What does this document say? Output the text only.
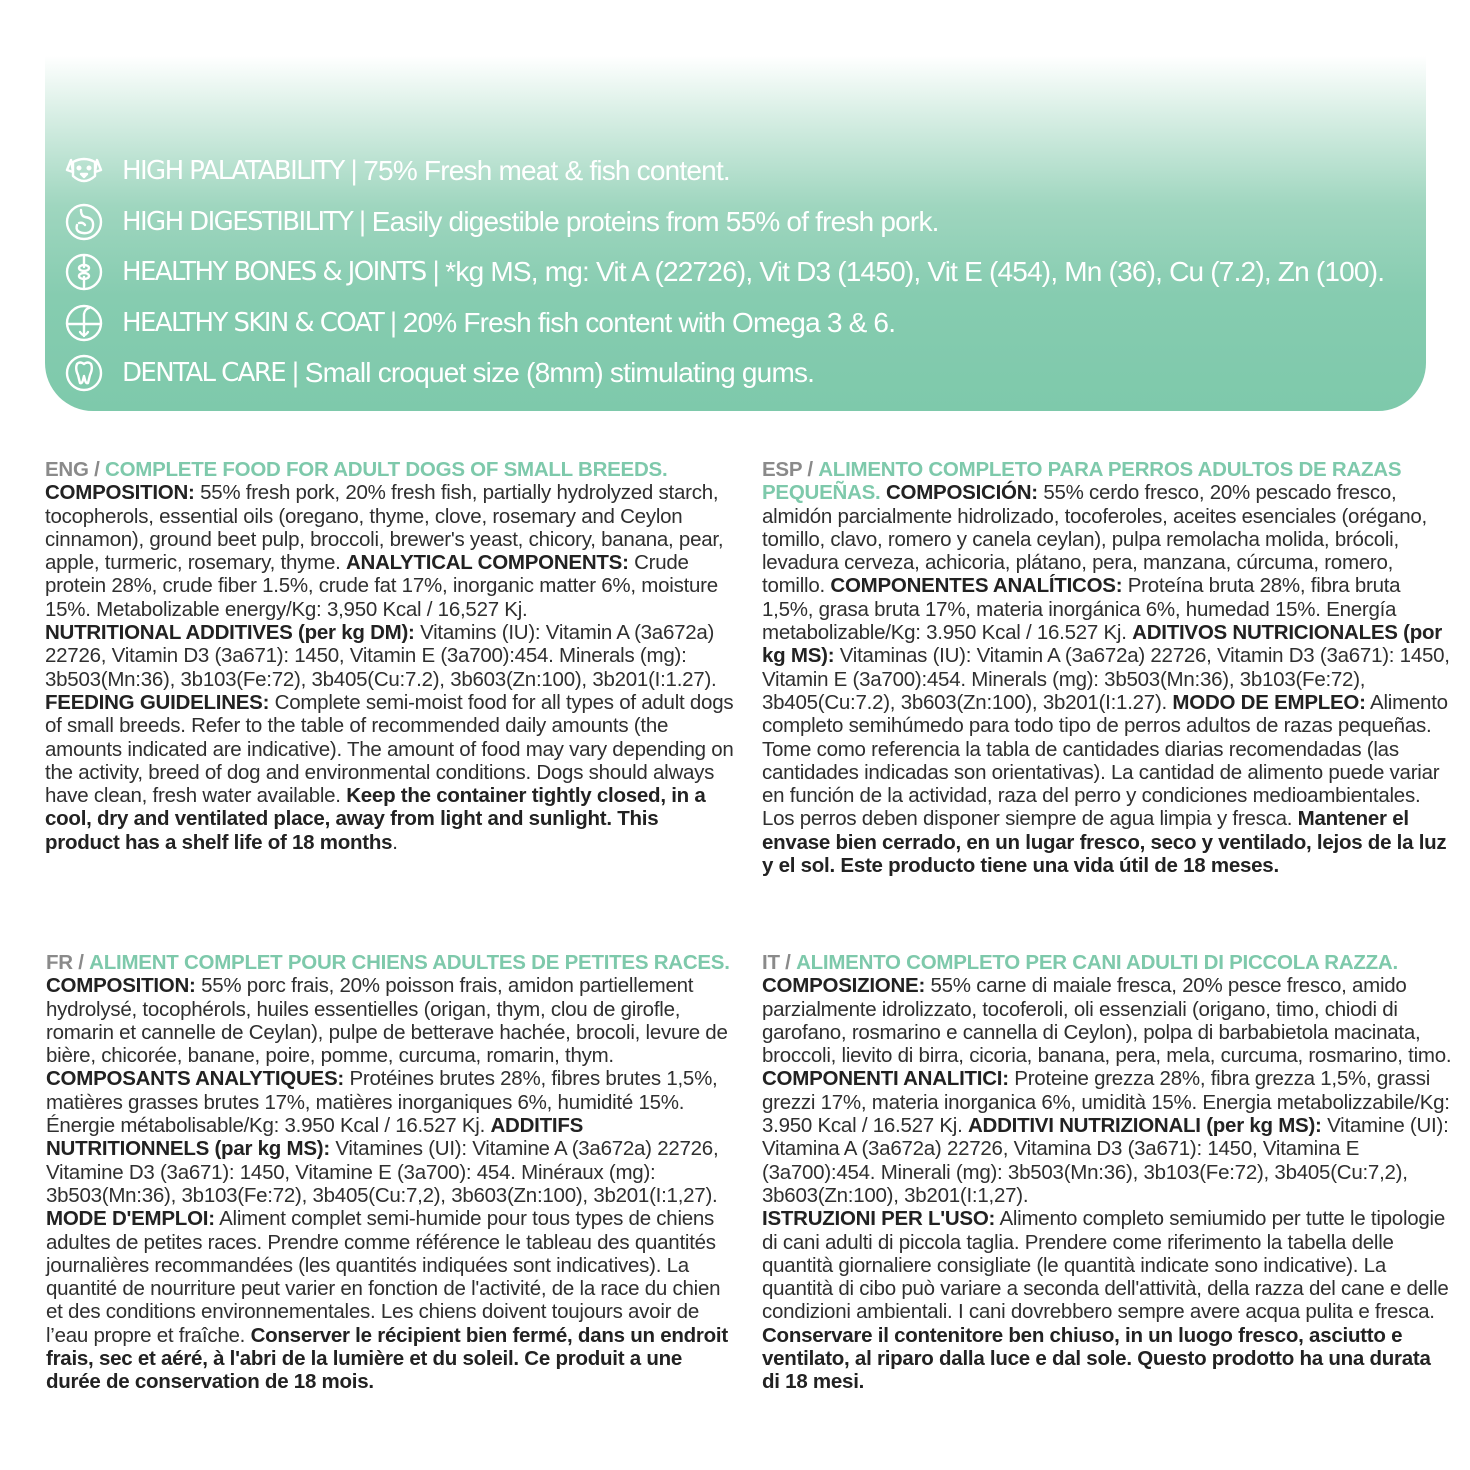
HIGH PALATABILITY | 75% Fresh meat & fish content.
HIGH DIGESTIBILITY | Easily digestible proteins from 55% of fresh pork.
HEALTHY BONES & JOINTS | *kg MS, mg: Vit A (22726), Vit D3 (1450), Vit E (454), Mn (36), Cu (7.2), Zn (100).
HEALTHY SKIN & COAT | 20% Fresh fish content with Omega 3 & 6.
DENTAL CARE | Small croquet size (8mm) stimulating gums.

ENG / COMPLETE FOOD FOR ADULT DOGS OF SMALL BREEDS. COMPOSITION: 55% fresh pork, 20% fresh fish, partially hydrolyzed starch, tocopherols, essential oils (oregano, thyme, clove, rosemary and Ceylon cinnamon), ground beet pulp, broccoli, brewer's yeast, chicory, banana, pear, apple, turmeric, rosemary, thyme. ANALYTICAL COMPONENTS: Crude protein 28%, crude fiber 1.5%, crude fat 17%, inorganic matter 6%, moisture 15%. Metabolizable energy/Kg: 3,950 Kcal / 16,527 Kj.

NUTRITIONAL ADDITIVES (per kg DM): Vitamins (IU): Vitamin A (3a672a) 22726, Vitamin D3 (3a671): 1450, Vitamin E (3a700):454. Minerals (mg): 3b503(Mn:36), 3b103(Fe:72), 3b405(Cu:7.2), 3b603(Zn:100), 3b201(I:1.27).

FEEDING GUIDELINES: Complete semi-moist food for all types of adult dogs of small breeds. Refer to the table of recommended daily amounts (the amounts indicated are indicative). The amount of food may vary depending on the activity, breed of dog and environmental conditions. Dogs should always have clean, fresh water available. Keep the container tightly closed, in a cool, dry and ventilated place, away from light and sunlight. This product has a shelf life of 18 months.

ESP / ALIMENTO COMPLETO PARA PERROS ADULTOS DE RAZAS PEQUEÑAS. COMPOSICIÓN: 55% cerdo fresco, 20% pescado fresco, almidón parcialmente hidrolizado, tocoferoles, aceites esenciales (orégano, tomillo, clavo, romero y canela ceylan), pulpa remolacha molida, brócoli, levadura cerveza, achicoria, plátano, pera, manzana, cúrcuma, romero, tomillo. COMPONENTES ANALÍTICOS: Proteína bruta 28%, fibra bruta 1,5%, grasa bruta 17%, materia inorgánica 6%, humedad 15%. Energía metabolizable/Kg: 3.950 Kcal / 16.527 Kj. ADITIVOS NUTRICIONALES (por kg MS): Vitaminas (IU): Vitamin A (3a672a) 22726, Vitamin D3 (3a671): 1450, Vitamin E (3a700):454. Minerals (mg): 3b503(Mn:36), 3b103(Fe:72), 3b405(Cu:7.2), 3b603(Zn:100), 3b201(I:1.27). MODO DE EMPLEO: Alimento completo semihúmedo para todo tipo de perros adultos de razas pequeñas. Tome como referencia la tabla de cantidades diarias recomendadas (las cantidades indicadas son orientativas). La cantidad de alimento puede variar en función de la actividad, raza del perro y condiciones medioambientales. Los perros deben disponer siempre de agua limpia y fresca. Mantener el envase bien cerrado, en un lugar fresco, seco y ventilado, lejos de la luz y el sol. Este producto tiene una vida útil de 18 meses.

FR / ALIMENT COMPLET POUR CHIENS ADULTES DE PETITES RACES. COMPOSITION: 55% porc frais, 20% poisson frais, amidon partiellement hydrolysé, tocophérols, huiles essentielles (origan, thym, clou de girofle, romarin et cannelle de Ceylan), pulpe de betterave hachée, brocoli, levure de bière, chicorée, banane, poire, pomme, curcuma, romarin, thym. COMPOSANTS ANALYTIQUES: Protéines brutes 28%, fibres brutes 1,5%, matières grasses brutes 17%, matières inorganiques 6%, humidité 15%. Énergie métabolisable/Kg: 3.950 Kcal / 16.527 Kj. ADDITIFS NUTRITIONNELS (par kg MS): Vitamines (UI): Vitamine A (3a672a) 22726, Vitamine D3 (3a671): 1450, Vitamine E (3a700): 454. Minéraux (mg): 3b503(Mn:36), 3b103(Fe:72), 3b405(Cu:7,2), 3b603(Zn:100), 3b201(I:1,27). MODE D'EMPLOI: Aliment complet semi-humide pour tous types de chiens adultes de petites races. Prendre comme référence le tableau des quantités journalières recommandées (les quantités indiquées sont indicatives). La quantité de nourriture peut varier en fonction de l'activité, de la race du chien et des conditions environnementales. Les chiens doivent toujours avoir de l’eau propre et fraîche. Conserver le récipient bien fermé, dans un endroit frais, sec et aéré, à l'abri de la lumière et du soleil. Ce produit a une durée de conservation de 18 mois.

IT / ALIMENTO COMPLETO PER CANI ADULTI DI PICCOLA RAZZA. COMPOSIZIONE: 55% carne di maiale fresca, 20% pesce fresco, amido parzialmente idrolizzato, tocoferoli, oli essenziali (origano, timo, chiodi di garofano, rosmarino e cannella di Ceylon), polpa di barbabietola macinata, broccoli, lievito di birra, cicoria, banana, pera, mela, curcuma, rosmarino, timo. COMPONENTI ANALITICI: Proteine grezza 28%, fibra grezza 1,5%, grassi grezzi 17%, materia inorganica 6%, umidità 15%. Energia metabolizzabile/Kg: 3.950 Kcal / 16.527 Kj. ADDITIVI NUTRIZIONALI (per kg MS): Vitamine (UI): Vitamina A (3a672a) 22726, Vitamina D3 (3a671): 1450, Vitamina E (3a700):454. Minerali (mg): 3b503(Mn:36), 3b103(Fe:72), 3b405(Cu:7,2), 3b603(Zn:100), 3b201(I:1,27).

ISTRUZIONI PER L'USO: Alimento completo semiumido per tutte le tipologie di cani adulti di piccola taglia. Prendere come riferimento la tabella delle quantità giornaliere consigliate (le quantità indicate sono indicative). La quantità di cibo può variare a seconda dell'attività, della razza del cane e delle condizioni ambientali. I cani dovrebbero sempre avere acqua pulita e fresca. Conservare il contenitore ben chiuso, in un luogo fresco, asciutto e ventilato, al riparo dalla luce e dal sole. Questo prodotto ha una durata di 18 mesi.
